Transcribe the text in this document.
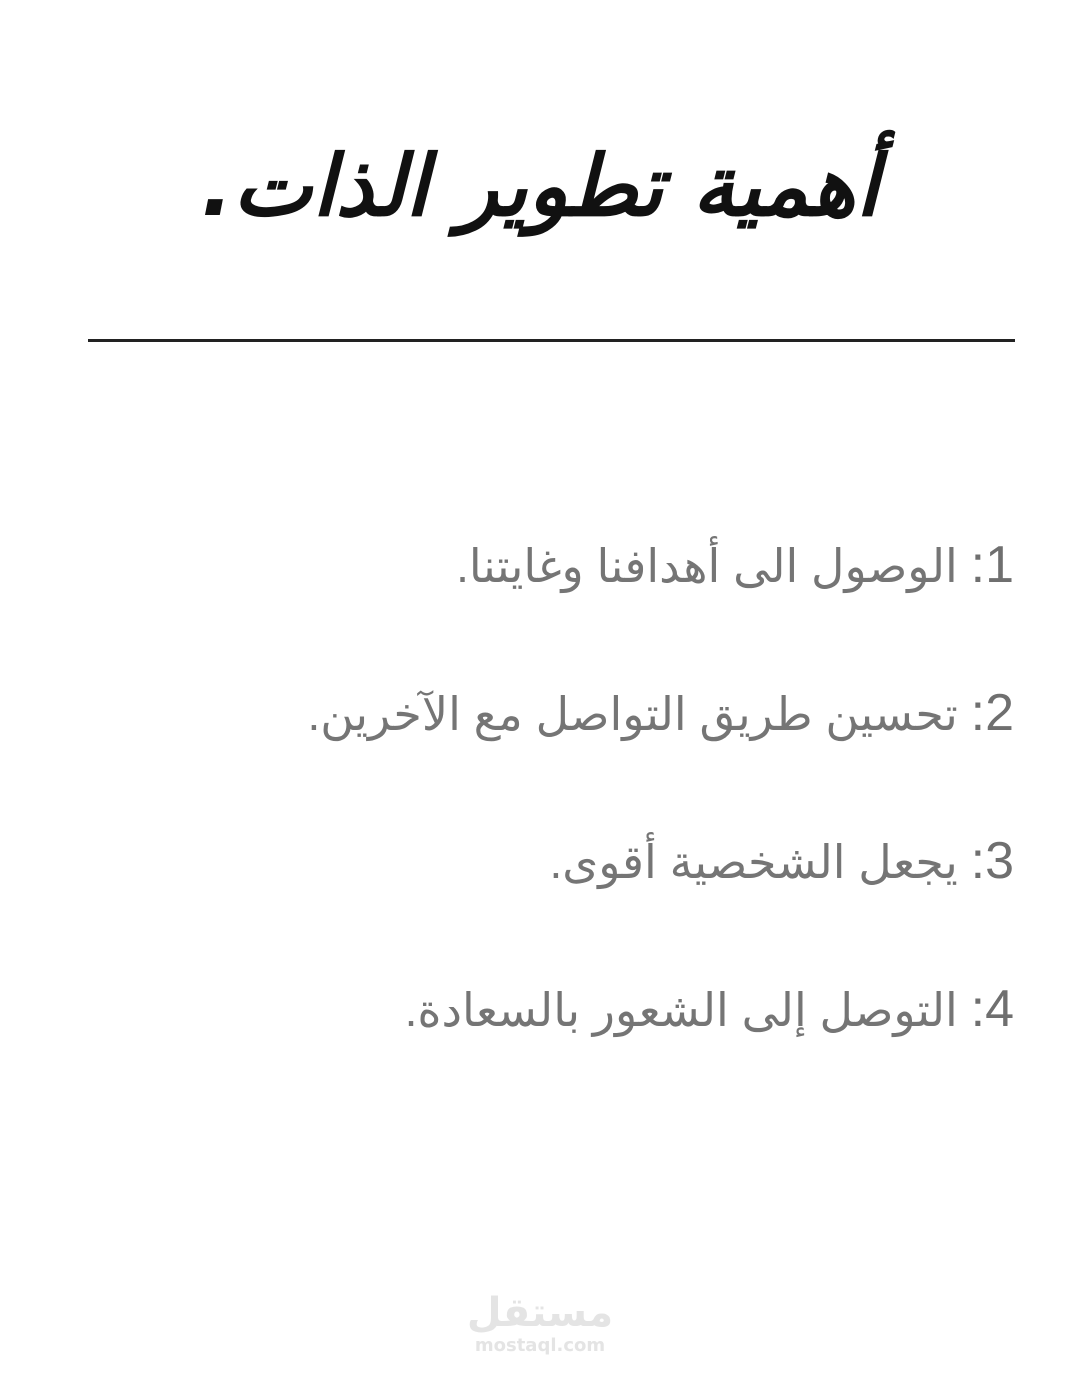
أهمية تطوير الذات.
1: الوصول الى أهدافنا وغايتنا.
2: تحسين طريق التواصل مع الآخرين.
3: يجعل الشخصية أقوى.
4: التوصل إلى الشعور بالسعادة.
مستقل
mostaql.com
